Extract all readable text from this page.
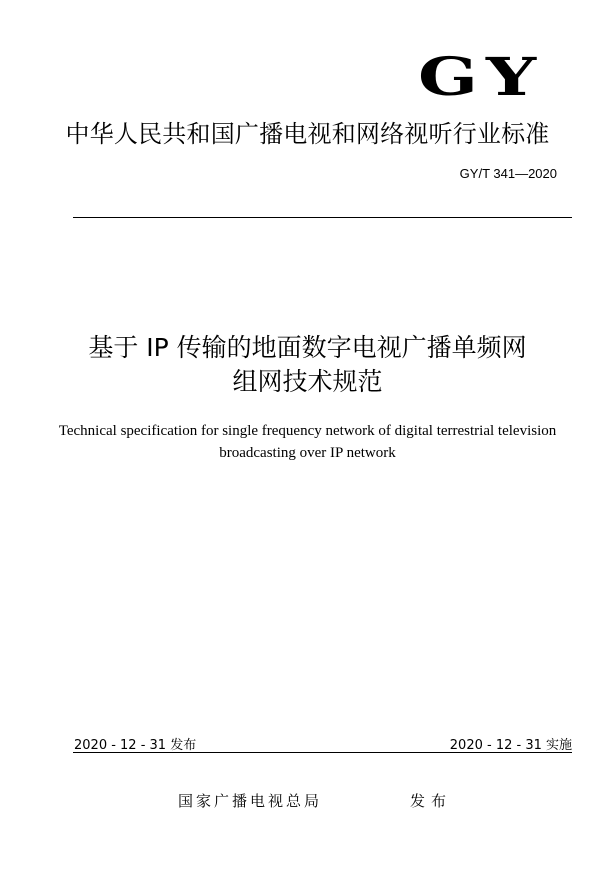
GY
中华人民共和国广播电视和网络视听行业标准
GY/T 341—2020
基于 IP 传输的地面数字电视广播单频网
组网技术规范
Technical specification for single frequency network of digital terrestrial television
broadcasting over IP network
2020 - 12 - 31 发布	2020 - 12 - 31 实施
国家广播电视总局	发布
